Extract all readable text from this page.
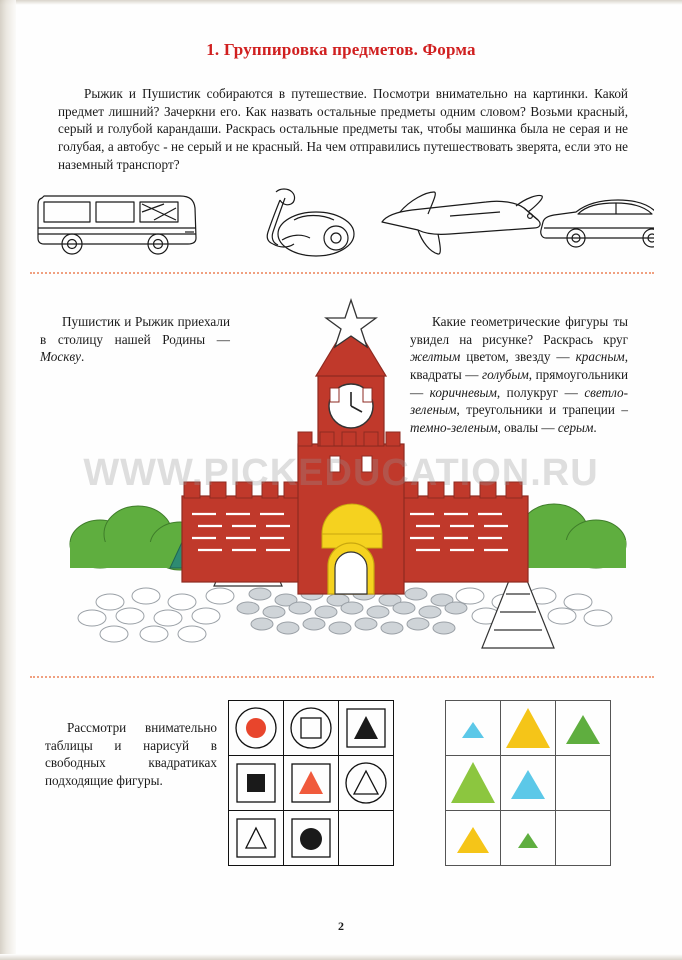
1. Группировка предметов. Форма

Рыжик и Пушистик собираются в путешествие. Посмотри внимательно на картинки. Какой предмет лишний? Зачеркни его. Как назвать остальные предметы одним словом? Возьми красный, серый и голубой карандаши. Раскрась остальные предметы так, чтобы машинка была не серая и не голубая, а автобус - не серый и не красный. На чем отправились путешествовать зверята, если это не наземный транспорт?

Пушистик и Рыжик приехали в столицу нашей Родины — Москву.

Какие геометрические фигуры ты увидел на рисунке? Раскрась круг желтым цветом, звезду — красным, квадраты — голубым, прямоугольники — коричневым, полукруг — светло-зеленым, треугольники и трапеции – темно-зеленым, овалы — серым.

WWW.PICKEDUCATION.RU

Рассмотри внимательно таблицы и нарисуй в свободных квадратиках подходящие фигуры.

2
